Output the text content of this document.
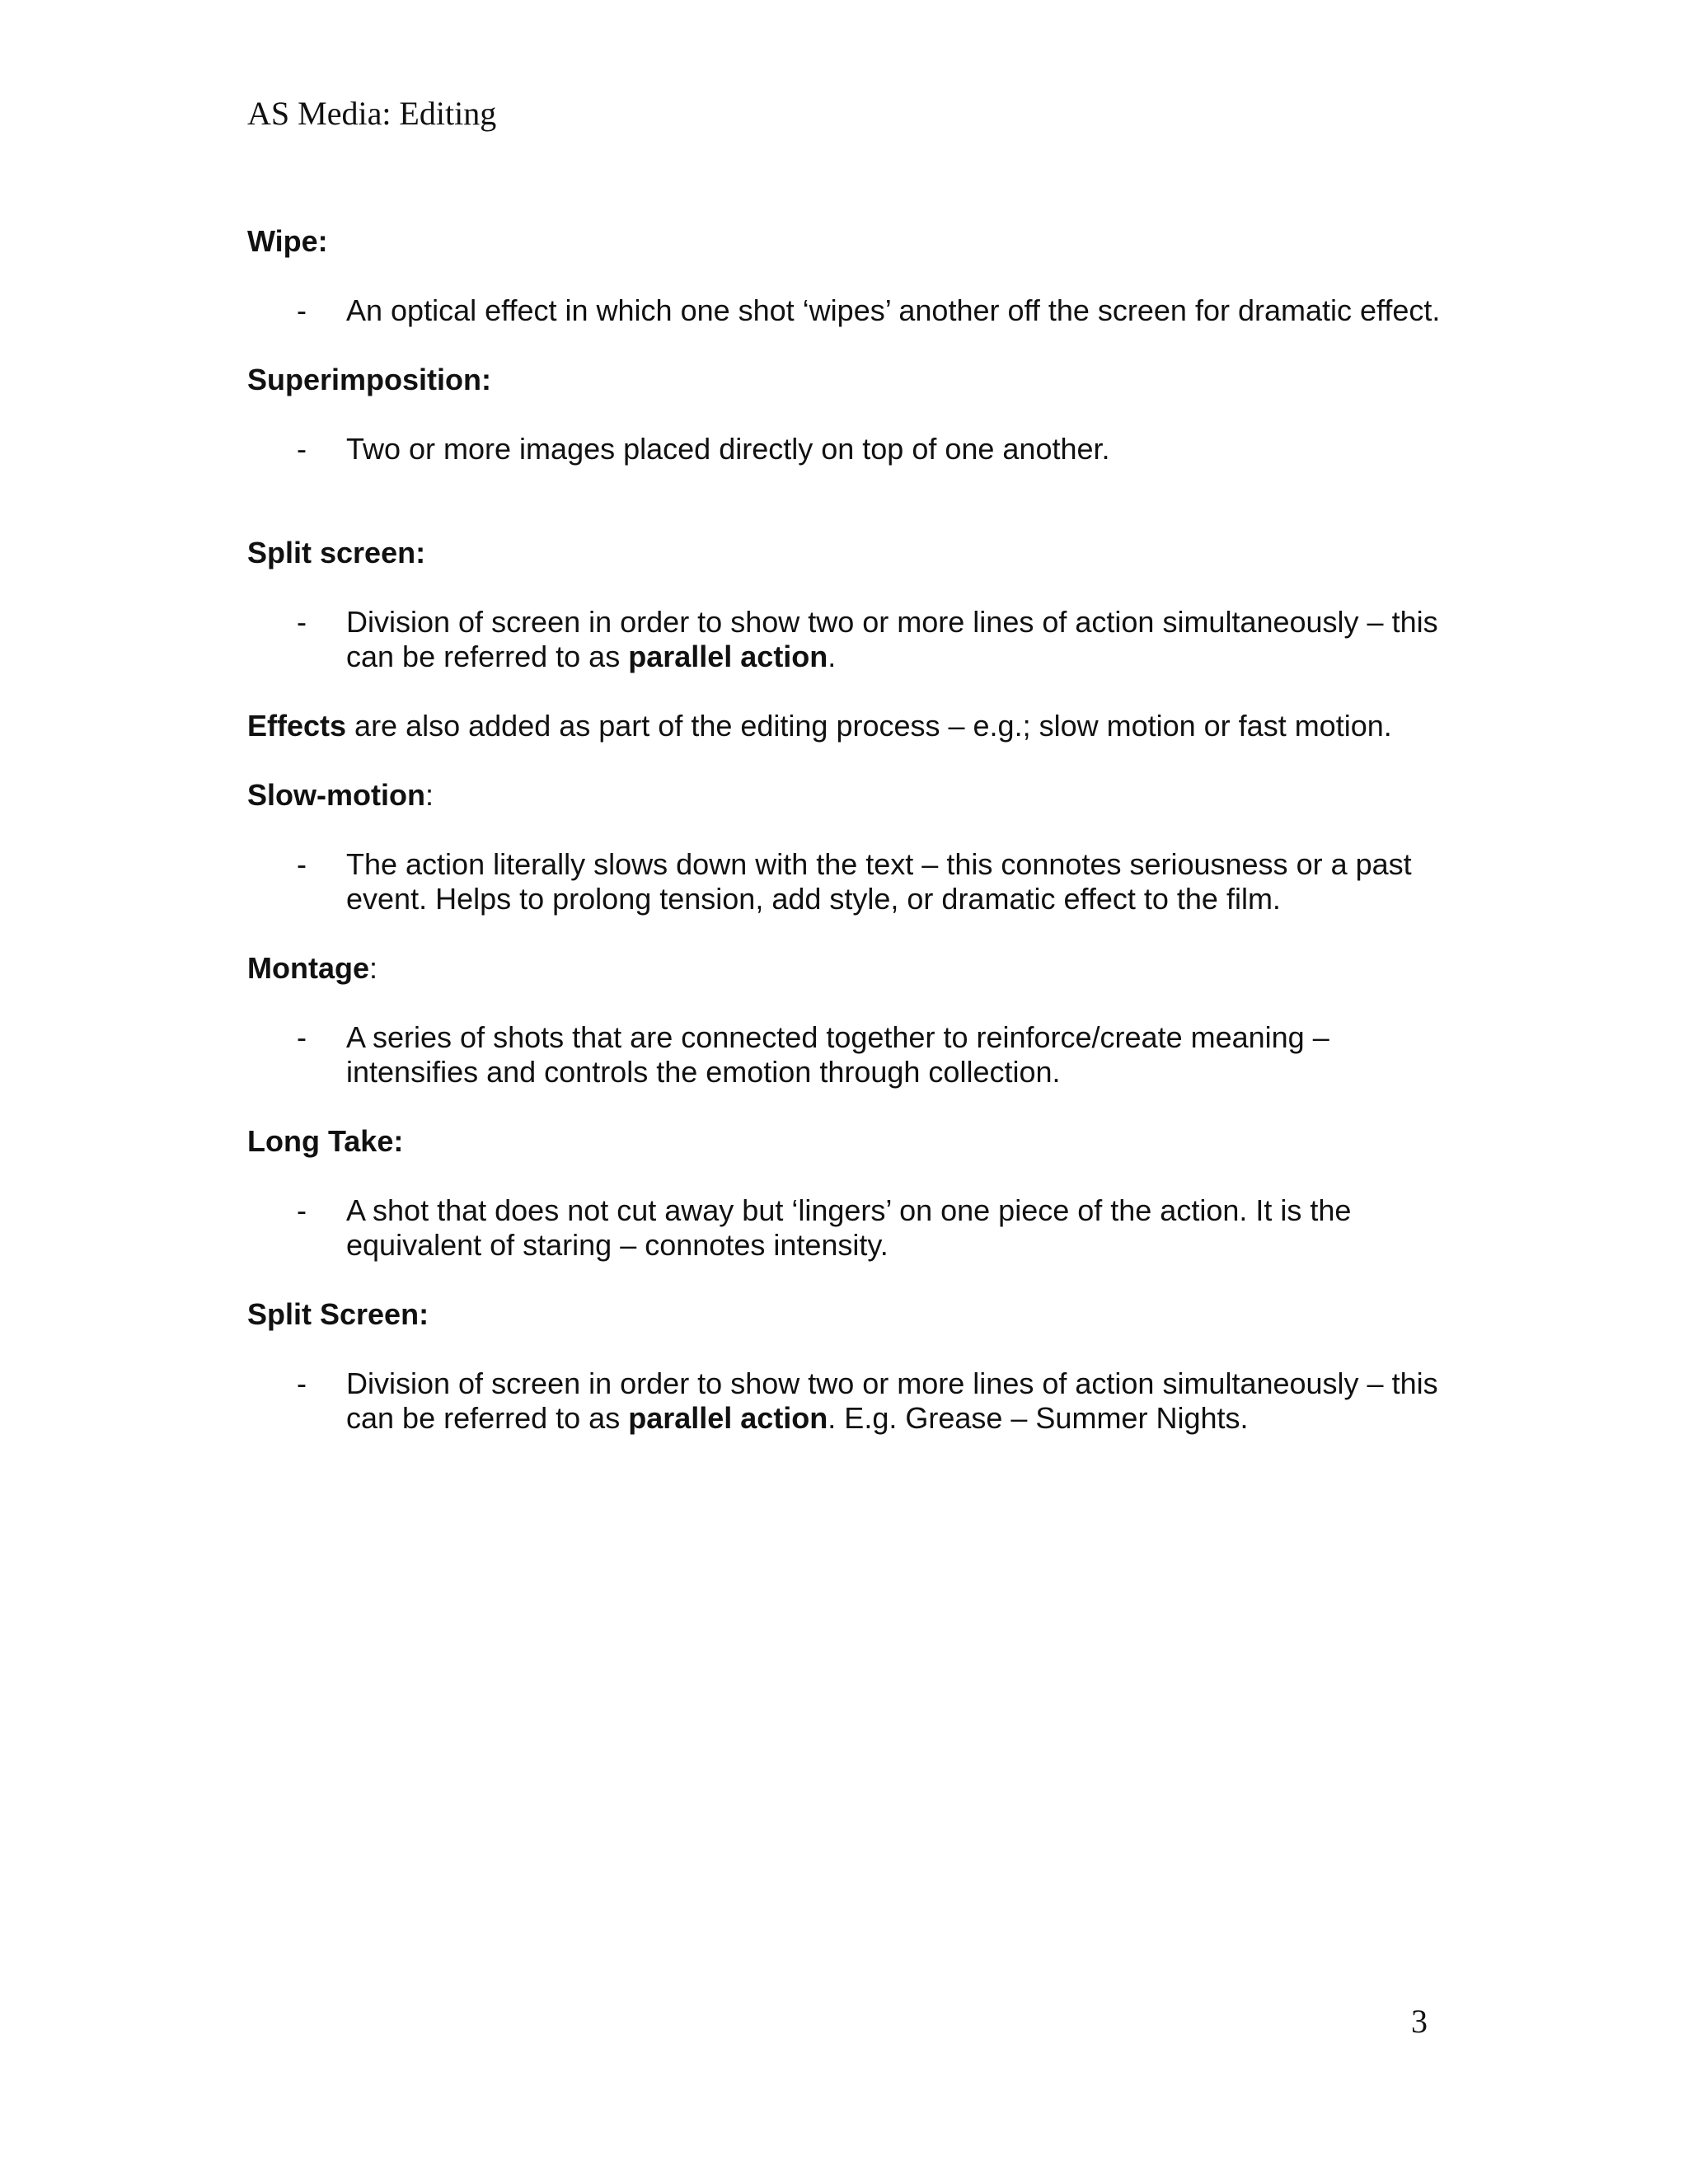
AS Media: Editing
Wipe:
- An optical effect in which one shot ‘wipes’ another off the screen for dramatic effect.
Superimposition:
- Two or more images placed directly on top of one another.
Split screen:
- Division of screen in order to show two or more lines of action simultaneously – this can be referred to as parallel action.
Effects are also added as part of the editing process – e.g.; slow motion or fast motion.
Slow-motion:
- The action literally slows down with the text – this connotes seriousness or a past event. Helps to prolong tension, add style, or dramatic effect to the film.
Montage:
- A series of shots that are connected together to reinforce/create meaning – intensifies and controls the emotion through collection.
Long Take:
- A shot that does not cut away but ‘lingers’ on one piece of the action. It is the equivalent of staring – connotes intensity.
Split Screen:
- Division of screen in order to show two or more lines of action simultaneously – this can be referred to as parallel action. E.g. Grease – Summer Nights.
3
